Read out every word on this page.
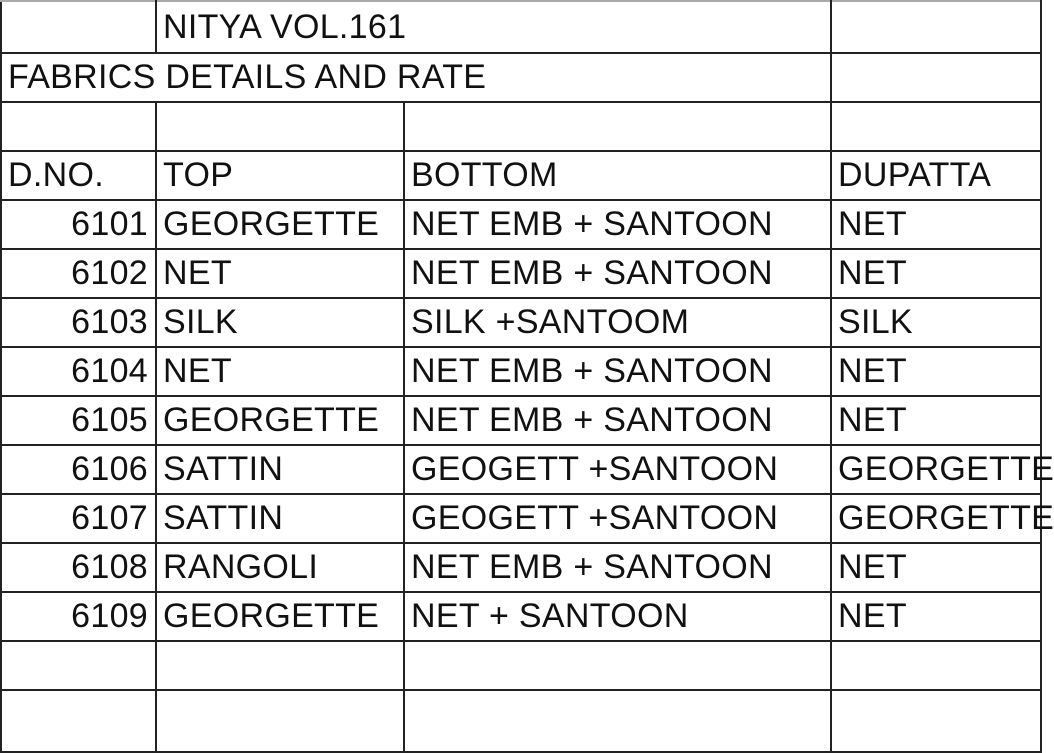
	NITYA VOL.161		
FABRICS DETAILS AND RATE			

D.NO.	TOP	BOTTOM	DUPATTA
6101	GEORGETTE	NET EMB + SANTOON	NET
6102	NET	NET EMB + SANTOON	NET
6103	SILK	SILK +SANTOOM	SILK
6104	NET	NET EMB + SANTOON	NET
6105	GEORGETTE	NET EMB + SANTOON	NET
6106	SATTIN	GEOGETT +SANTOON	GEORGETTE
6107	SATTIN	GEOGETT +SANTOON	GEORGETTE
6108	RANGOLI	NET EMB + SANTOON	NET
6109	GEORGETTE	NET + SANTOON	NET
